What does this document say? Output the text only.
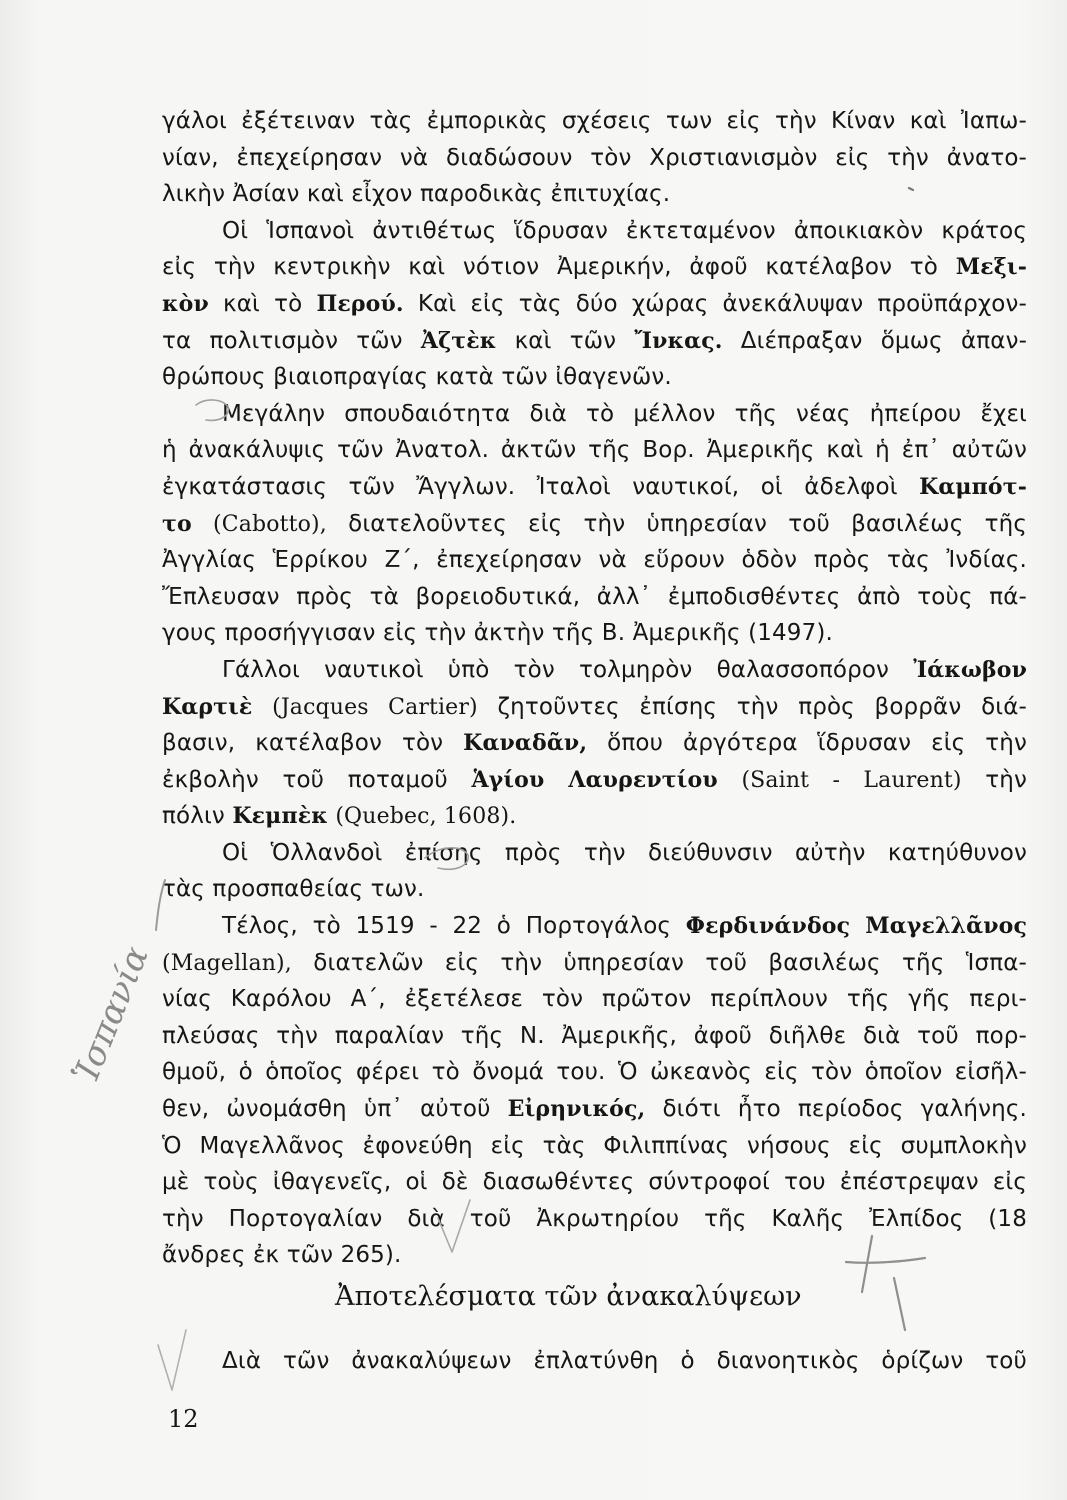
γάλοι ἐξέτειναν τὰς ἐμπορικὰς σχέσεις των εἰς τὴν Κίναν καὶ Ἰαπω-
νίαν, ἐπεχείρησαν νὰ διαδώσουν τὸν Χριστιανισμὸν εἰς τὴν ἀνατο-
λικὴν Ἀσίαν καὶ εἶχον παροδικὰς ἐπιτυχίας.
Οἱ Ἱσπανοὶ ἀντιθέτως ἵδρυσαν ἐκτεταμένον ἀποικιακὸν κράτος
εἰς τὴν κεντρικὴν καὶ νότιον Ἀμερικήν, ἀφοῦ κατέλαβον τὸ Μεξι-
κὸν καὶ τὸ Περού. Καὶ εἰς τὰς δύο χώρας ἀνεκάλυψαν προϋπάρχον-
τα πολιτισμὸν τῶν Ἀζτὲκ καὶ τῶν Ἴνκας. Διέπραξαν ὅμως ἀπαν-
θρώπους βιαιοπραγίας κατὰ τῶν ἰθαγενῶν.
Μεγάλην σπουδαιότητα διὰ τὸ μέλλον τῆς νέας ἠπείρου ἔχει
ἡ ἀνακάλυψις τῶν Ἀνατολ. ἀκτῶν τῆς Βορ. Ἀμερικῆς καὶ ἡ ἐπ᾿ αὐτῶν
ἐγκατάστασις τῶν Ἄγγλων. Ἰταλοὶ ναυτικοί, οἱ ἀδελφοὶ Καμπότ-
το (Cabotto), διατελοῦντες εἰς τὴν ὑπηρεσίαν τοῦ βασιλέως τῆς
Ἀγγλίας Ἑρρίκου Ζ΄, ἐπεχείρησαν νὰ εὕρουν ὁδὸν πρὸς τὰς Ἰνδίας.
Ἔπλευσαν πρὸς τὰ βορειοδυτικά, ἀλλ᾿ ἐμποδισθέντες ἀπὸ τοὺς πά-
γους προσήγγισαν εἰς τὴν ἀκτὴν τῆς Β. Ἀμερικῆς (1497).
Γάλλοι ναυτικοὶ ὑπὸ τὸν τολμηρὸν θαλασσοπόρον Ἰάκωβον
Καρτιὲ (Jacques Cartier) ζητοῦντες ἐπίσης τὴν πρὸς βορρᾶν διά-
βασιν, κατέλαβον τὸν Καναδᾶν, ὅπου ἀργότερα ἵδρυσαν εἰς τὴν
ἐκβολὴν τοῦ ποταμοῦ Ἁγίου Λαυρεντίου (Saint - Laurent) τὴν
πόλιν Κεμπὲκ (Quebec, 1608).
Οἱ Ὁλλανδοὶ ἐπίσης πρὸς τὴν διεύθυνσιν αὐτὴν κατηύθυνον
τὰς προσπαθείας των.
Τέλος, τὸ 1519 - 22 ὁ Πορτογάλος Φερδινάνδος Μαγελλᾶνος
(Magellan), διατελῶν εἰς τὴν ὑπηρεσίαν τοῦ βασιλέως τῆς Ἱσπα-
νίας Καρόλου Α΄, ἐξετέλεσε τὸν πρῶτον περίπλουν τῆς γῆς περι-
πλεύσας τὴν παραλίαν τῆς Ν. Ἀμερικῆς, ἀφοῦ διῆλθε διὰ τοῦ πορ-
θμοῦ, ὁ ὁποῖος φέρει τὸ ὄνομά του. Ὁ ὠκεανὸς εἰς τὸν ὁποῖον εἰσῆλ-
θεν, ὠνομάσθη ὑπ᾿ αὐτοῦ Εἰρηνικός, διότι ἦτο περίοδος γαλήνης.
Ὁ Μαγελλᾶνος ἐφονεύθη εἰς τὰς Φιλιππίνας νήσους εἰς συμπλοκὴν
μὲ τοὺς ἰθαγενεῖς, οἱ δὲ διασωθέντες σύντροφοί του ἐπέστρεψαν εἰς
τὴν Πορτογαλίαν διὰ τοῦ Ἀκρωτηρίου τῆς Καλῆς Ἐλπίδος (18
ἄνδρες ἐκ τῶν 265).
Ἀποτελέσματα τῶν ἀνακαλύψεων
Διὰ τῶν ἀνακαλύψεων ἐπλατύνθη ὁ διανοητικὸς ὁρίζων τοῦ
12
Ἱσπανία
